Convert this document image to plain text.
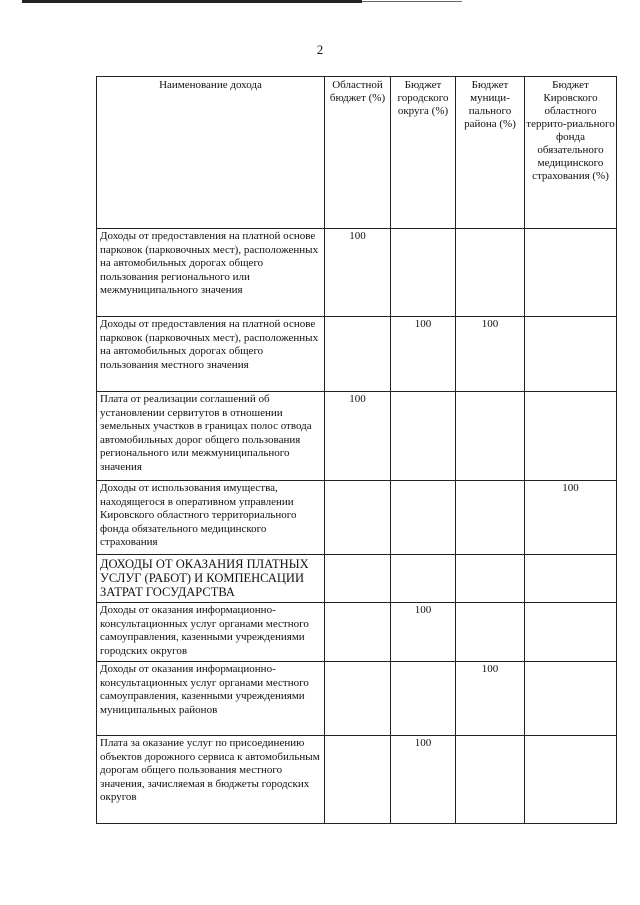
2
Наименование дохода	Областной бюджет (%)	Бюджет городского округа (%)	Бюджет муници-пального района (%)	Бюджет Кировского областного террито-риального фонда обязательного медицинского страхования (%)
Доходы от предоставления на платной основе парковок (парковочных мест), расположенных на автомобильных дорогах общего пользования регионального или межмуниципального значения	100			
Доходы от предоставления на платной основе парковок (парковочных мест), расположенных на автомобильных дорогах общего пользования местного значения		100	100	
Плата от реализации соглашений об установлении сервитутов в отношении земельных участков в границах полос отвода автомобильных дорог общего пользования регионального или межмуниципального значения	100			
Доходы от использования имущества, находящегося в оперативном управлении Кировского областного территориального фонда обязательного медицинского страхования				100
ДОХОДЫ ОТ ОКАЗАНИЯ ПЛАТНЫХ УСЛУГ (РАБОТ) И КОМПЕНСАЦИИ ЗАТРАТ ГОСУДАРСТВА				
Доходы от оказания информационно-консультационных услуг органами местного самоуправления, казенными учреждениями городских округов		100		
Доходы от оказания информационно-консультационных услуг органами местного самоуправления, казенными учреждениями муниципальных районов			100	
Плата за оказание услуг по присоединению объектов дорожного сервиса к автомобильным дорогам общего пользования местного значения, зачисляемая в бюджеты городских округов		100		
